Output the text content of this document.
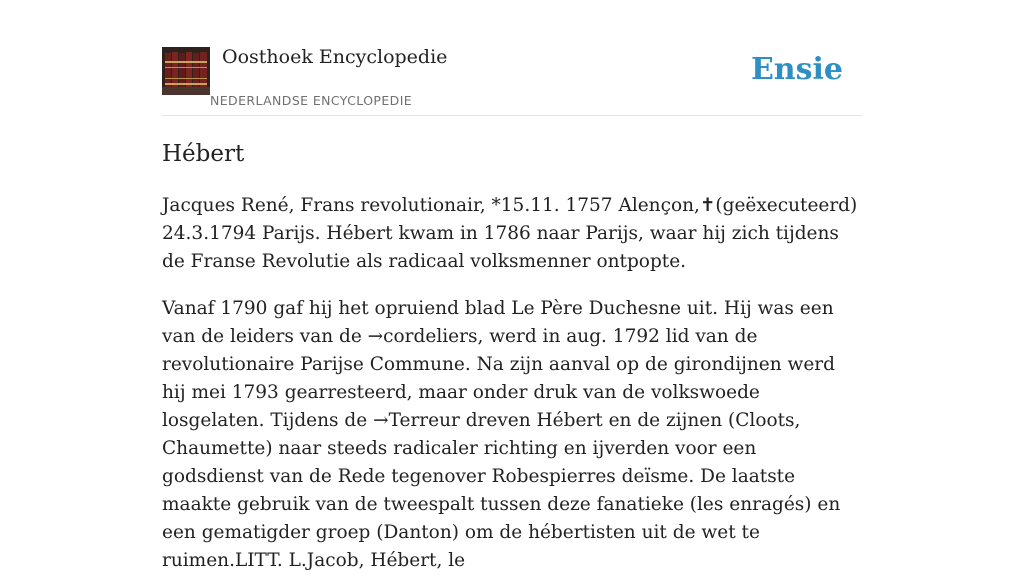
Oosthoek Encyclopedie
NEDERLANDSE ENCYCLOPEDIE
Ensie
Hébert

Jacques René, Frans revolutionair, *15.11. 1757 Alençon,✝(geëxecuteerd) 24.3.1794 Parijs. Hébert kwam in 1786 naar Parijs, waar hij zich tijdens de Franse Revolutie als radicaal volksmenner ontpopte.

Vanaf 1790 gaf hij het opruiend blad Le Père Duchesne uit. Hij was een van de leiders van de →cordeliers, werd in aug. 1792 lid van de revolutionaire Parijse Commune. Na zijn aanval op de girondijnen werd hij mei 1793 gearresteerd, maar onder druk van de volkswoede losgelaten. Tijdens de →Terreur dreven Hébert en de zijnen (Cloots, Chaumette) naar steeds radicaler richting en ijverden voor een godsdienst van de Rede tegenover Robespierres deïsme. De laatste maakte gebruik van de tweespalt tussen deze fanatieke (les enragés) en een gematigder groep (Danton) om de hébertisten uit de wet te ruimen.LITT. L.Jacob, Hébert, le
